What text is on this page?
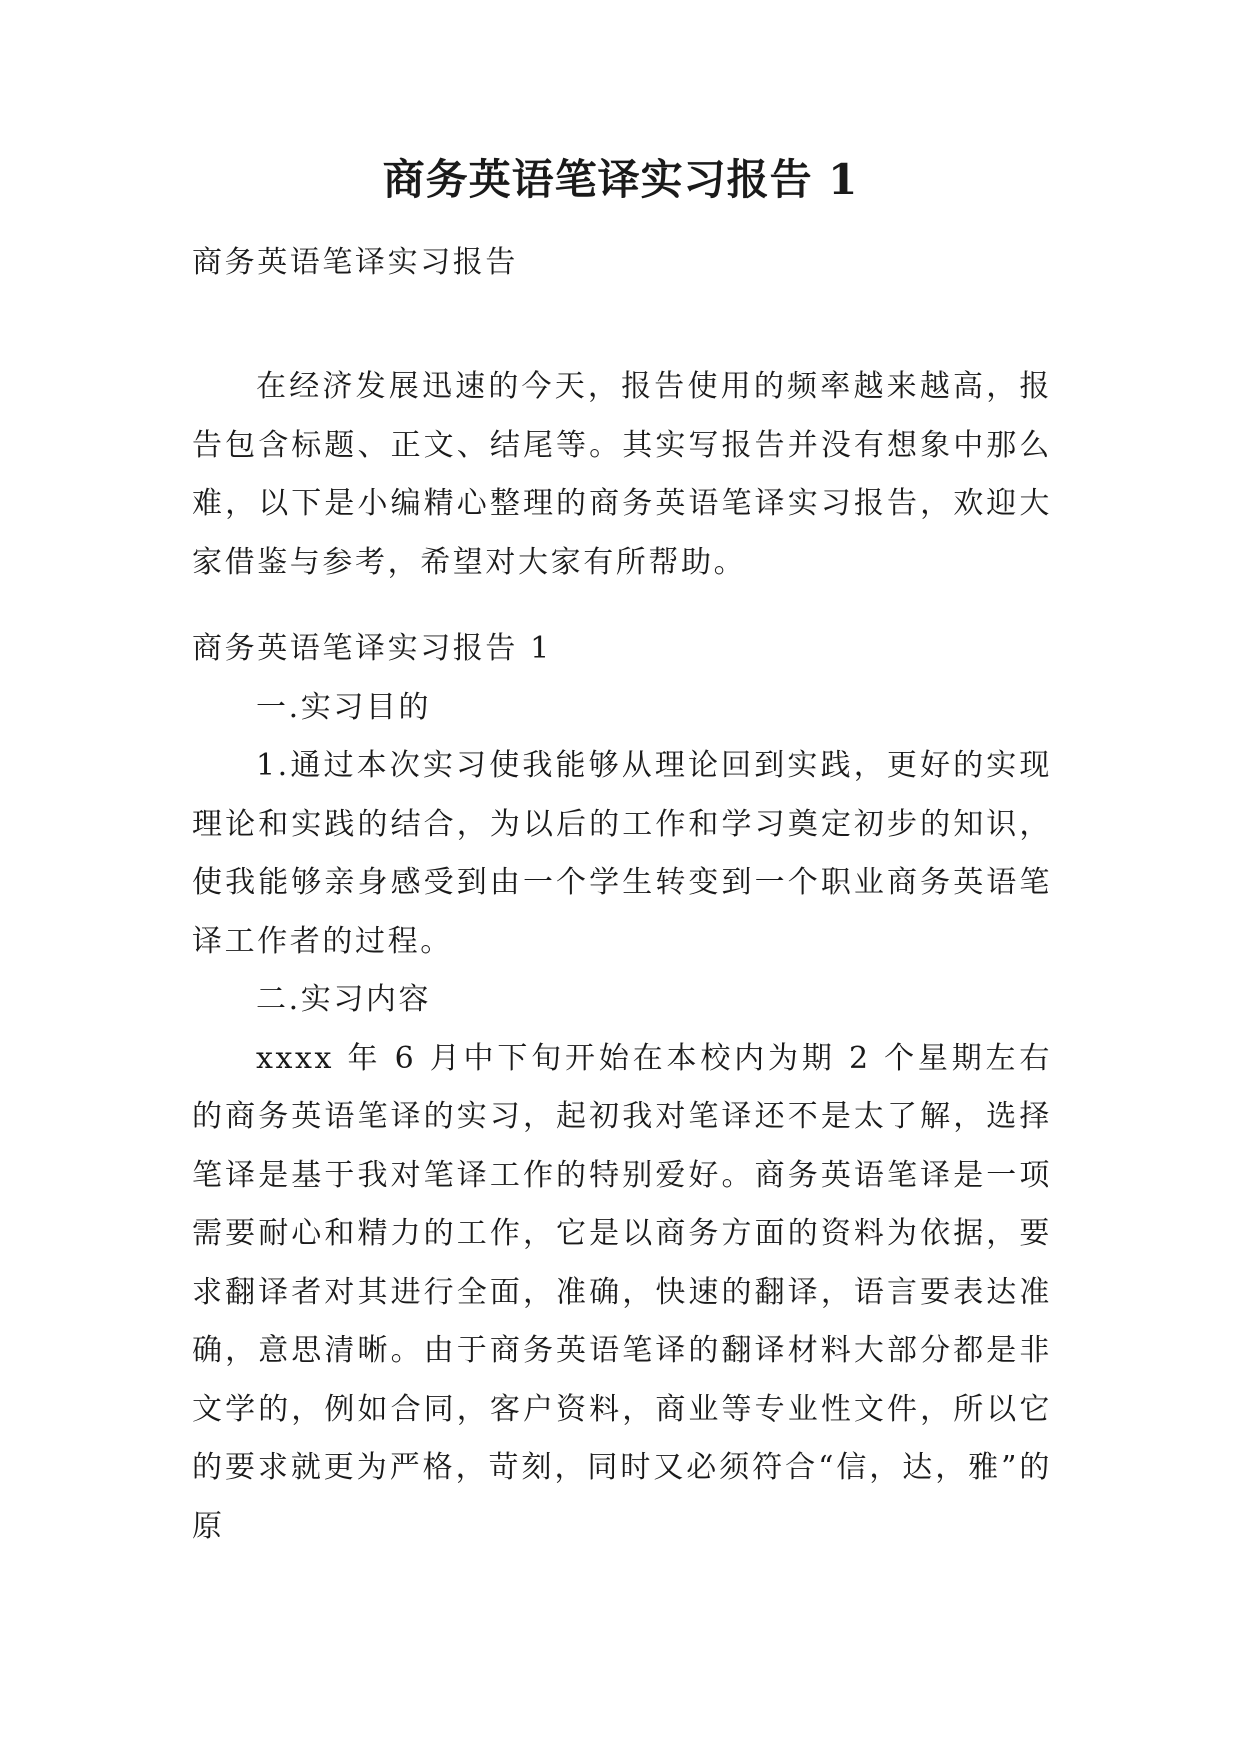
商务英语笔译实习报告 1

商务英语笔译实习报告

在经济发展迅速的今天，报告使用的频率越来越高，报告包含标题、正文、结尾等。其实写报告并没有想象中那么难，以下是小编精心整理的商务英语笔译实习报告，欢迎大家借鉴与参考，希望对大家有所帮助。

商务英语笔译实习报告 1

一.实习目的

1.通过本次实习使我能够从理论回到实践，更好的实现理论和实践的结合，为以后的工作和学习奠定初步的知识，使我能够亲身感受到由一个学生转变到一个职业商务英语笔译工作者的过程。

二.实习内容

xxxx 年 6 月中下旬开始在本校内为期 2 个星期左右的商务英语笔译的实习，起初我对笔译还不是太了解，选择笔译是基于我对笔译工作的特别爱好。商务英语笔译是一项需要耐心和精力的工作，它是以商务方面的资料为依据，要求翻译者对其进行全面，准确，快速的翻译，语言要表达准确，意思清晰。由于商务英语笔译的翻译材料大部分都是非文学的，例如合同，客户资料，商业等专业性文件，所以它的要求就更为严格，苛刻，同时又必须符合“信，达，雅”的原
